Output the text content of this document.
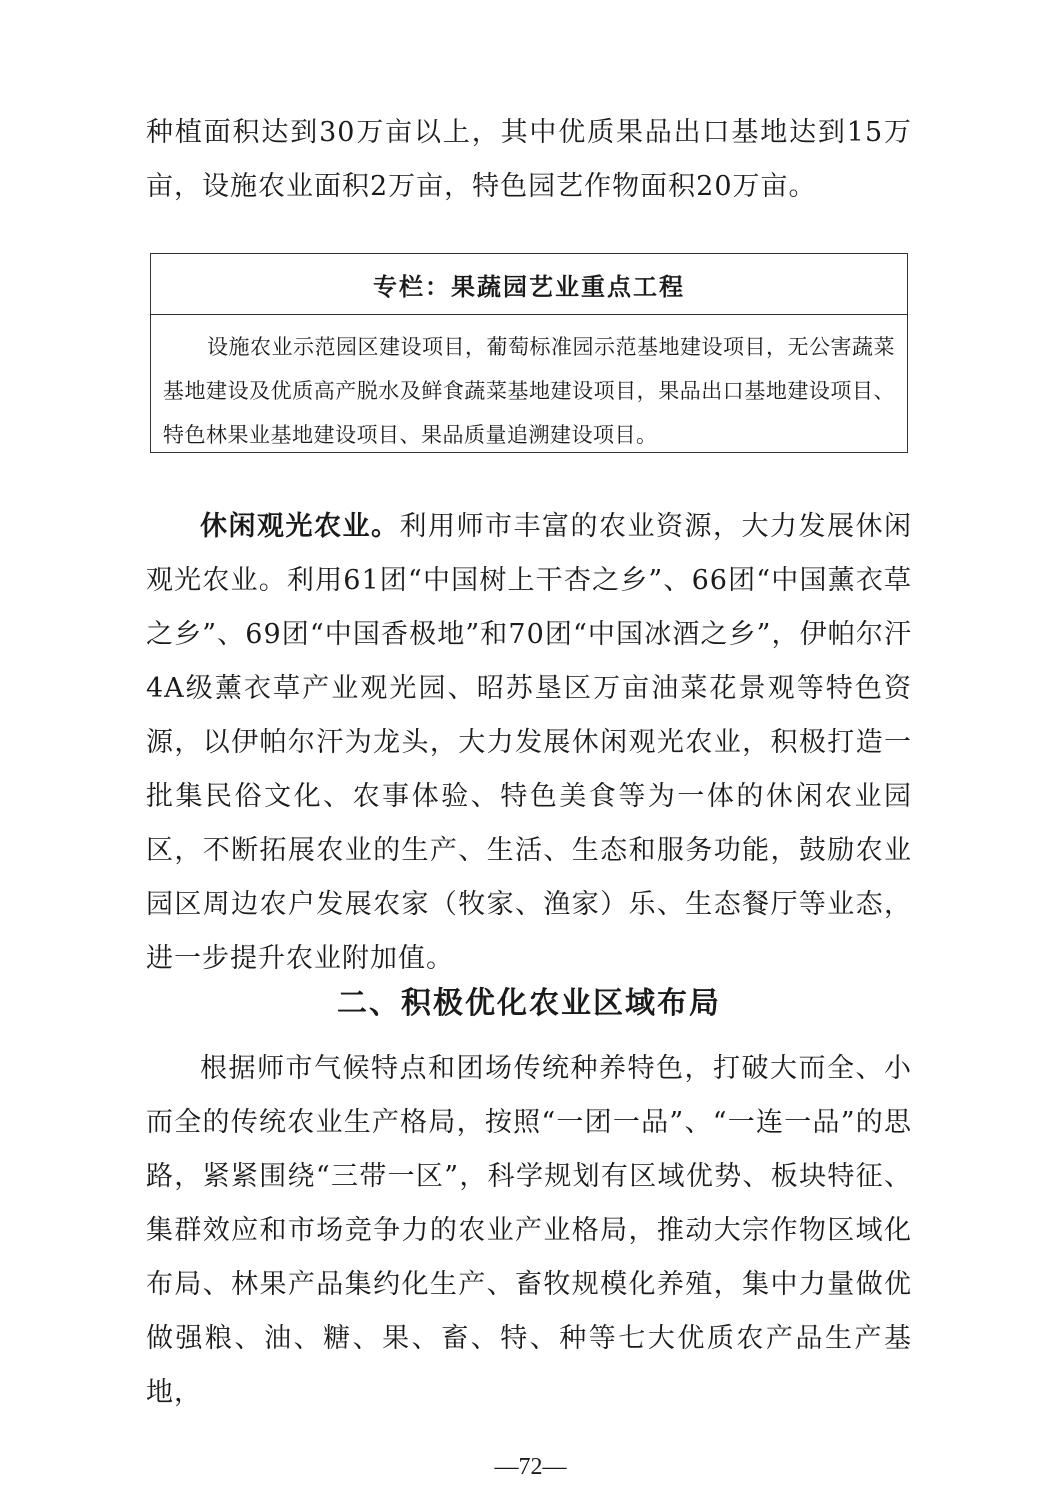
种植面积达到30万亩以上，其中优质果品出口基地达到15万亩，设施农业面积2万亩，特色园艺作物面积20万亩。

专栏：果蔬园艺业重点工程

设施农业示范园区建设项目，葡萄标准园示范基地建设项目，无公害蔬菜基地建设及优质高产脱水及鲜食蔬菜基地建设项目，果品出口基地建设项目、特色林果业基地建设项目、果品质量追溯建设项目。

休闲观光农业。利用师市丰富的农业资源，大力发展休闲观光农业。利用61团“中国树上干杏之乡”、66团“中国薰衣草之乡”、69团“中国香极地”和70团“中国冰酒之乡”，伊帕尔汗4A级薰衣草产业观光园、昭苏垦区万亩油菜花景观等特色资源，以伊帕尔汗为龙头，大力发展休闲观光农业，积极打造一批集民俗文化、农事体验、特色美食等为一体的休闲农业园区，不断拓展农业的生产、生活、生态和服务功能，鼓励农业园区周边农户发展农家（牧家、渔家）乐、生态餐厅等业态，进一步提升农业附加值。

二、积极优化农业区域布局

根据师市气候特点和团场传统种养特色，打破大而全、小而全的传统农业生产格局，按照“一团一品”、“一连一品”的思路，紧紧围绕“三带一区”，科学规划有区域优势、板块特征、集群效应和市场竞争力的农业产业格局，推动大宗作物区域化布局、林果产品集约化生产、畜牧规模化养殖，集中力量做优做强粮、油、糖、果、畜、特、种等七大优质农产品生产基地，

—72—
